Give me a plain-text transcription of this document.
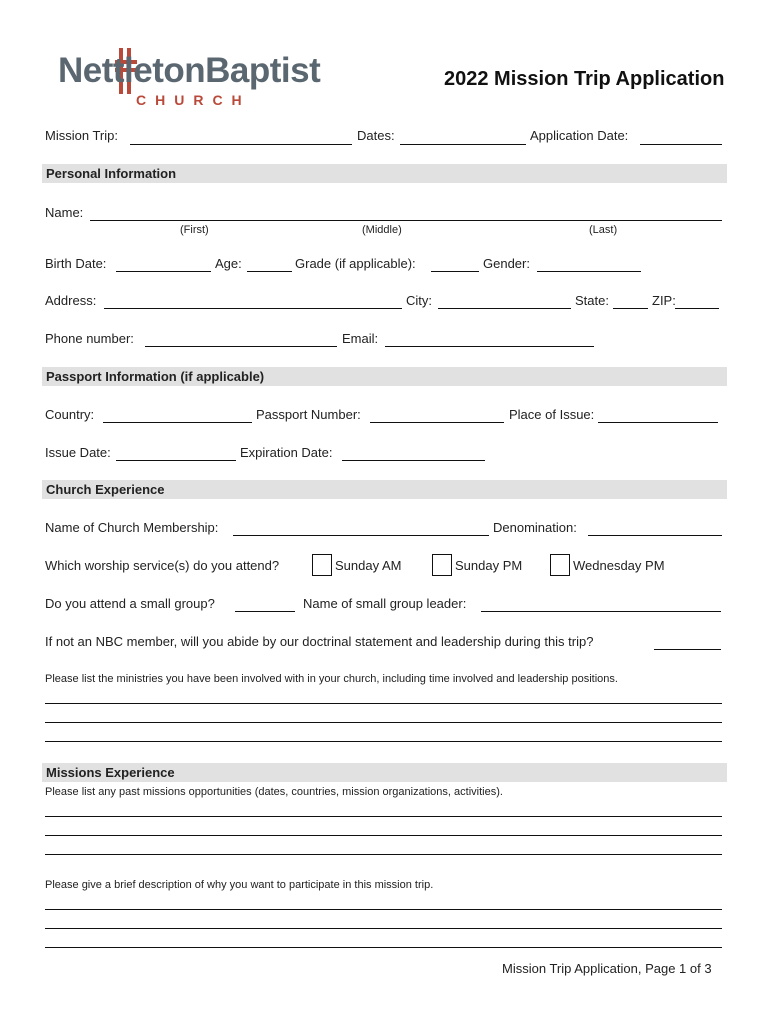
NettletonBaptist
CHURCH
2022 Mission Trip Application
Mission Trip:	Dates:	Application Date:
Personal Information
Name:
(First)	(Middle)	(Last)
Birth Date:	Age:	Grade (if applicable):	Gender:
Address:	City:	State:	ZIP:
Phone number:	Email:
Passport Information (if applicable)
Country:	Passport Number:	Place of Issue:
Issue Date:	Expiration Date:
Church Experience
Name of Church Membership:	Denomination:
Which worship service(s) do you attend?	Sunday AM	Sunday PM	Wednesday PM
Do you attend a small group?	Name of small group leader:
If not an NBC member, will you abide by our doctrinal statement and leadership during this trip?
Please list the ministries you have been involved with in your church, including time involved and leadership positions.
Missions Experience
Please list any past missions opportunities (dates, countries, mission organizations, activities).
Please give a brief description of why you want to participate in this mission trip.
Mission Trip Application, Page 1 of 3
